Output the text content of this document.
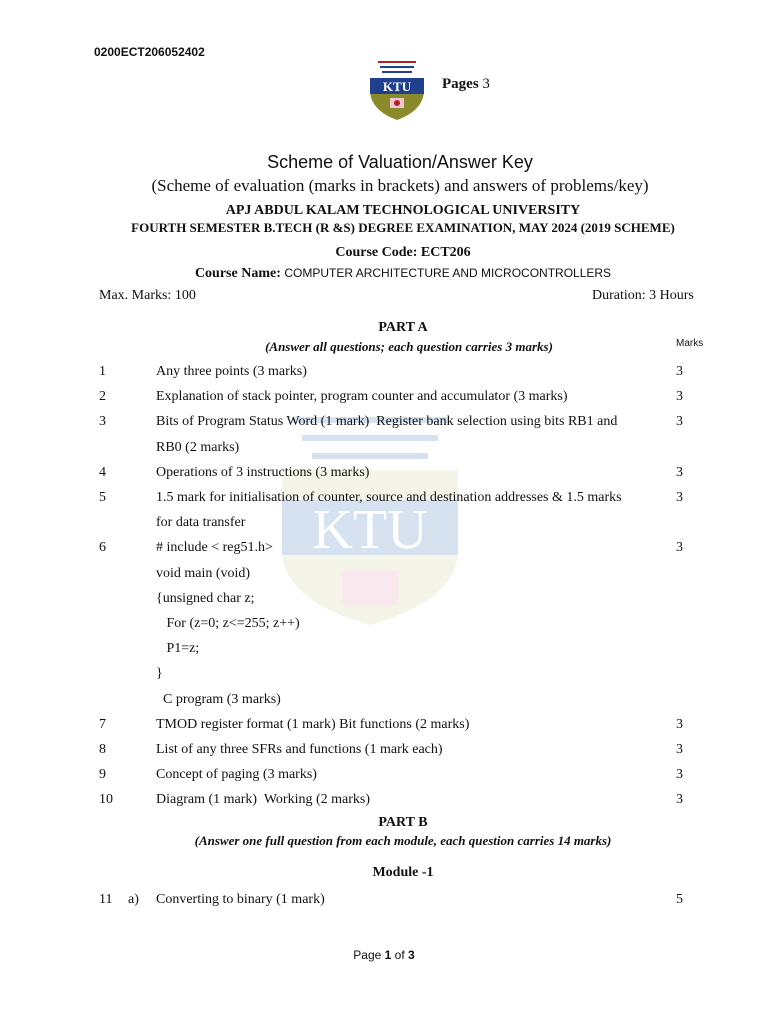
0200ECT206052402
KTU Pages 3
Scheme of Valuation/Answer Key
(Scheme of evaluation (marks in brackets) and answers of problems/key)
APJ ABDUL KALAM TECHNOLOGICAL UNIVERSITY
FOURTH SEMESTER B.TECH (R &S) DEGREE EXAMINATION, MAY 2024 (2019 SCHEME)
Course Code: ECT206
Course Name: COMPUTER ARCHITECTURE AND MICROCONTROLLERS
Max. Marks: 100	Duration: 3 Hours
KTU
PART A
(Answer all questions; each question carries 3 marks)	Marks
1	Any three points (3 marks)	3
2	Explanation of stack pointer, program counter and accumulator (3 marks)	3
3	Bits of Program Status Word (1 mark)  Register bank selection using bits RB1 and	3
RB0 (2 marks)
4	Operations of 3 instructions (3 marks)	3
5	1.5 mark for initialisation of counter, source and destination addresses & 1.5 marks	3
for data transfer
6	# include < reg51.h>	3
void main (void)
{unsigned char z;
For (z=0; z<=255; z++)
P1=z;
}
C program (3 marks)
7	TMOD register format (1 mark) Bit functions (2 marks)	3
8	List of any three SFRs and functions (1 mark each)	3
9	Concept of paging (3 marks)	3
10	Diagram (1 mark)  Working (2 marks)	3
PART B
(Answer one full question from each module, each question carries 14 marks)
Module -1
11 a) Converting to binary (1 mark)	5
Page 1 of 3
